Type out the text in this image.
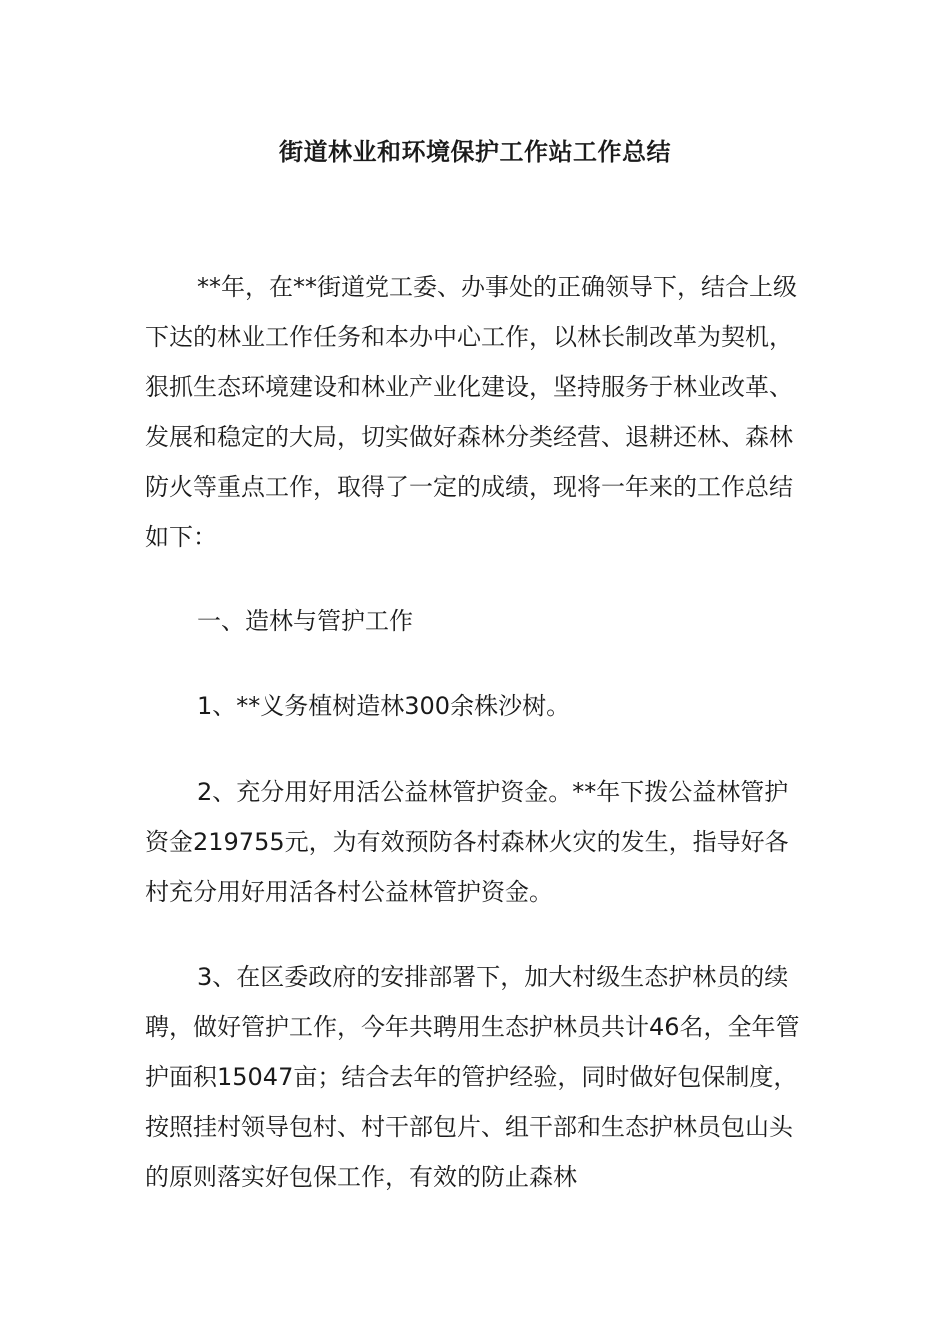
街道林业和环境保护工作站工作总结

**年，在**街道党工委、办事处的正确领导下，结合上级下达的林业工作任务和本办中心工作，以林长制改革为契机，狠抓生态环境建设和林业产业化建设，坚持服务于林业改革、发展和稳定的大局，切实做好森林分类经营、退耕还林、森林防火等重点工作，取得了一定的成绩，现将一年来的工作总结如下：

一、造林与管护工作

1、**义务植树造林300余株沙树。

2、充分用好用活公益林管护资金。**年下拨公益林管护资金219755元，为有效预防各村森林火灾的发生，指导好各村充分用好用活各村公益林管护资金。

3、在区委政府的安排部署下，加大村级生态护林员的续聘，做好管护工作，今年共聘用生态护林员共计46名，全年管护面积15047亩；结合去年的管护经验，同时做好包保制度，按照挂村领导包村、村干部包片、组干部和生态护林员包山头的原则落实好包保工作，有效的防止森林
